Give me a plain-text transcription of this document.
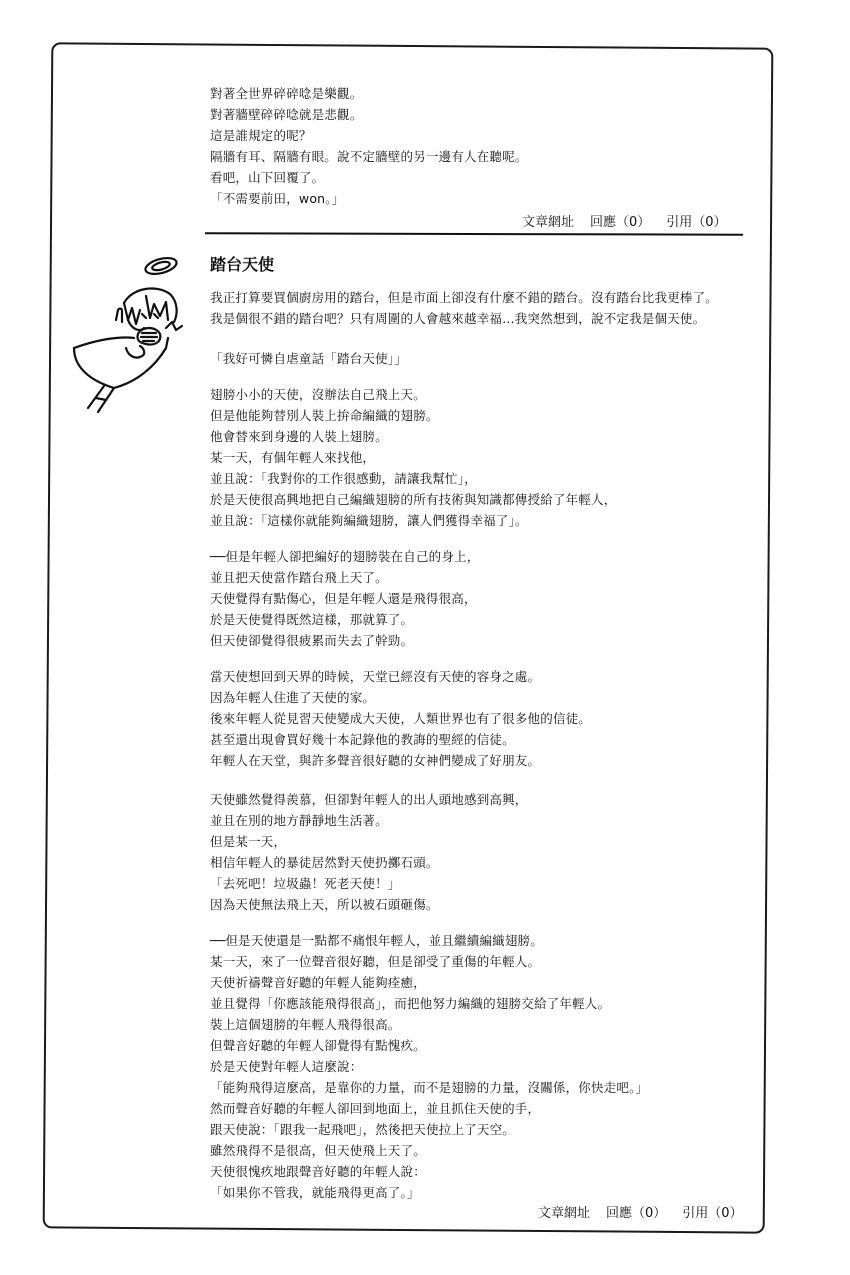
對著全世界碎碎唸是樂觀。
對著牆壁碎碎唸就是悲觀。
這是誰規定的呢？
隔牆有耳、隔牆有眼。說不定牆壁的另一邊有人在聽呢。
看吧，山下回覆了。
「不需要前田，won。」
文章網址 回應（0） 引用（0）
踏台天使
我正打算要買個廚房用的踏台，但是市面上卻沒有什麼不錯的踏台。沒有踏台比我更棒了。
我是個很不錯的踏台吧？只有周圍的人會越來越幸福…我突然想到，說不定我是個天使。
「我好可憐自虐童話「踏台天使」」
翅膀小小的天使，沒辦法自己飛上天。
但是他能夠替別人裝上拚命編織的翅膀。
他會替來到身邊的人裝上翅膀。
某一天，有個年輕人來找他，
並且說：「我對你的工作很感動，請讓我幫忙」，
於是天使很高興地把自己編織翅膀的所有技術與知識都傳授給了年輕人，
並且說：「這樣你就能夠編織翅膀，讓人們獲得幸福了」。
──但是年輕人卻把編好的翅膀裝在自己的身上，
並且把天使當作踏台飛上天了。
天使覺得有點傷心，但是年輕人還是飛得很高，
於是天使覺得既然這樣，那就算了。
但天使卻覺得很疲累而失去了幹勁。
當天使想回到天界的時候，天堂已經沒有天使的容身之處。
因為年輕人住進了天使的家。
後來年輕人從見習天使變成大天使，人類世界也有了很多他的信徒。
甚至還出現會買好幾十本記錄他的教誨的聖經的信徒。
年輕人在天堂，與許多聲音很好聽的女神們變成了好朋友。
天使雖然覺得羨慕，但卻對年輕人的出人頭地感到高興，
並且在別的地方靜靜地生活著。
但是某一天，
相信年輕人的暴徒居然對天使扔擲石頭。
「去死吧！垃圾蟲！死老天使！」
因為天使無法飛上天，所以被石頭砸傷。
──但是天使還是一點都不痛恨年輕人，並且繼續編織翅膀。
某一天，來了一位聲音很好聽，但是卻受了重傷的年輕人。
天使祈禱聲音好聽的年輕人能夠痊癒，
並且覺得「你應該能飛得很高」，而把他努力編織的翅膀交給了年輕人。
裝上這個翅膀的年輕人飛得很高。
但聲音好聽的年輕人卻覺得有點愧疚。
於是天使對年輕人這麼說：
「能夠飛得這麼高，是靠你的力量，而不是翅膀的力量，沒關係，你快走吧。」
然而聲音好聽的年輕人卻回到地面上，並且抓住天使的手，
跟天使說：「跟我一起飛吧」，然後把天使拉上了天空。
雖然飛得不是很高，但天使飛上天了。
天使很愧疚地跟聲音好聽的年輕人說：
「如果你不管我，就能飛得更高了。」
文章網址 回應（0） 引用（0）
